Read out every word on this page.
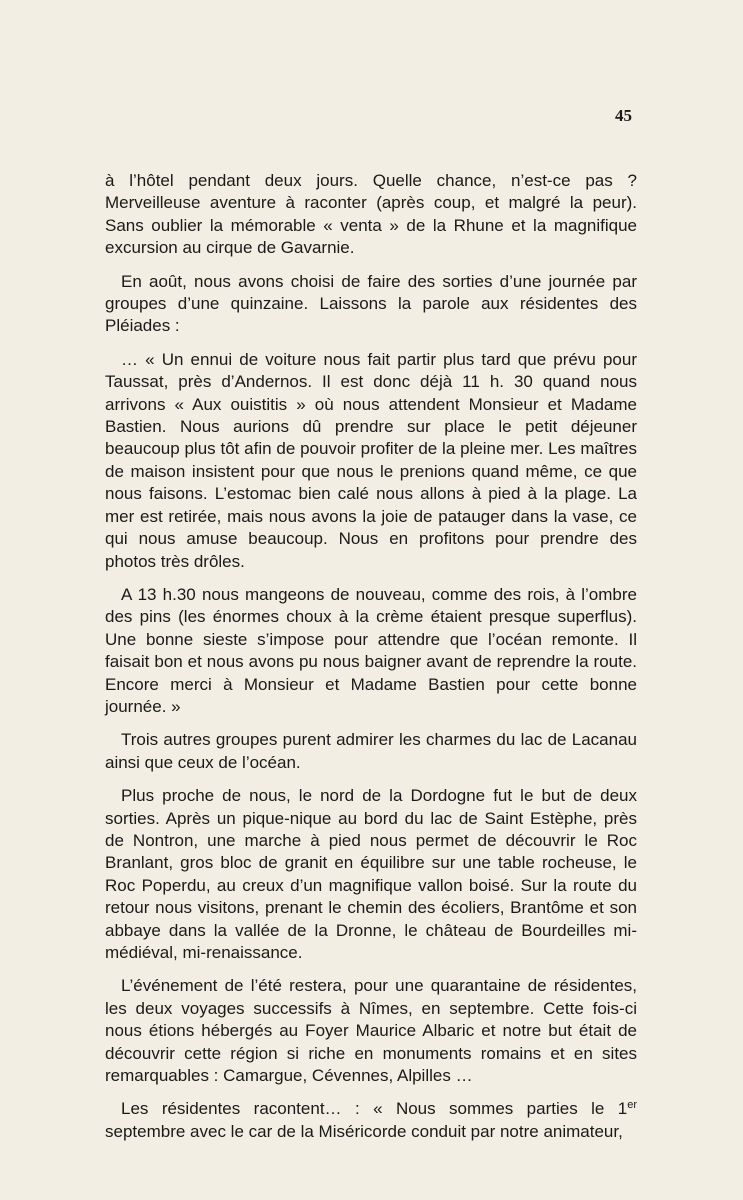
45

à l’hôtel pendant deux jours. Quelle chance, n’est-ce pas ? Merveilleuse aventure à raconter (après coup, et malgré la peur). Sans oublier la mémorable « venta » de la Rhune et la magnifique excursion au cirque de Gavarnie.

En août, nous avons choisi de faire des sorties d’une journée par groupes d’une quinzaine. Laissons la parole aux résidentes des Pléiades :

… « Un ennui de voiture nous fait partir plus tard que prévu pour Taussat, près d’Andernos. Il est donc déjà 11 h. 30 quand nous arrivons « Aux ouistitis » où nous attendent Monsieur et Madame Bastien. Nous aurions dû prendre sur place le petit déjeuner beaucoup plus tôt afin de pouvoir profiter de la pleine mer. Les maîtres de maison insistent pour que nous le prenions quand même, ce que nous faisons. L’estomac bien calé nous allons à pied à la plage. La mer est retirée, mais nous avons la joie de patauger dans la vase, ce qui nous amuse beaucoup. Nous en profitons pour prendre des photos très drôles.

A 13 h.30 nous mangeons de nouveau, comme des rois, à l’ombre des pins (les énormes choux à la crème étaient presque superflus). Une bonne sieste s’impose pour attendre que l’océan remonte. Il faisait bon et nous avons pu nous baigner avant de reprendre la route. Encore merci à Monsieur et Madame Bastien pour cette bonne journée. »

Trois autres groupes purent admirer les charmes du lac de Lacanau ainsi que ceux de l’océan.

Plus proche de nous, le nord de la Dordogne fut le but de deux sorties. Après un pique-nique au bord du lac de Saint Estèphe, près de Nontron, une marche à pied nous permet de découvrir le Roc Branlant, gros bloc de granit en équilibre sur une table rocheuse, le Roc Poperdu, au creux d’un magnifique vallon boisé. Sur la route du retour nous visitons, prenant le chemin des écoliers, Brantôme et son abbaye dans la vallée de la Dronne, le château de Bourdeilles mi-médiéval, mi-renaissance.

L’événement de l’été restera, pour une quarantaine de résidentes, les deux voyages successifs à Nîmes, en septembre. Cette fois-ci nous étions hébergés au Foyer Maurice Albaric et notre but était de découvrir cette région si riche en monuments romains et en sites remarquables : Camargue, Cévennes, Alpilles …

Les résidentes racontent… : « Nous sommes parties le 1er septembre avec le car de la Miséricorde conduit par notre animateur,
